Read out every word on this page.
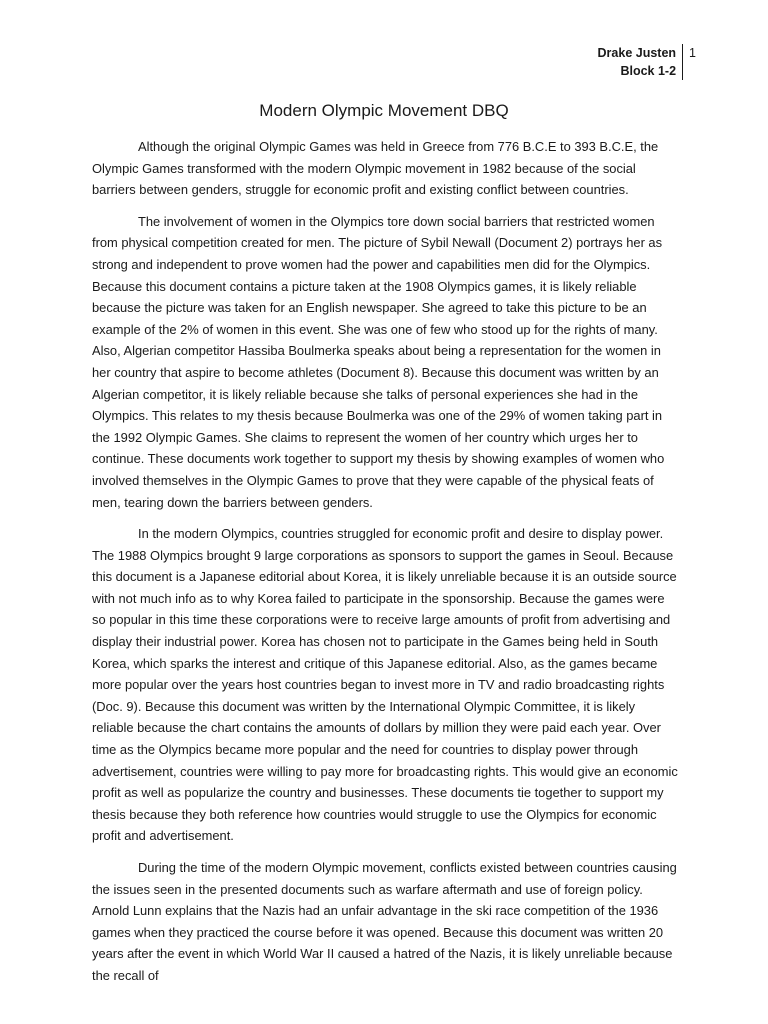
Drake Justen
Block 1-2
1
Modern Olympic Movement DBQ

Although the original Olympic Games was held in Greece from 776 B.C.E to 393 B.C.E, the Olympic Games transformed with the modern Olympic movement in 1982 because of the social barriers between genders, struggle for economic profit and existing conflict between countries.

The involvement of women in the Olympics tore down social barriers that restricted women from physical competition created for men. The picture of Sybil Newall (Document 2) portrays her as strong and independent to prove women had the power and capabilities men did for the Olympics. Because this document contains a picture taken at the 1908 Olympics games, it is likely reliable because the picture was taken for an English newspaper. She agreed to take this picture to be an example of the 2% of women in this event. She was one of few who stood up for the rights of many. Also, Algerian competitor Hassiba Boulmerka speaks about being a representation for the women in her country that aspire to become athletes (Document 8). Because this document was written by an Algerian competitor, it is likely reliable because she talks of personal experiences she had in the Olympics. This relates to my thesis because Boulmerka was one of the 29% of women taking part in the 1992 Olympic Games. She claims to represent the women of her country which urges her to continue. These documents work together to support my thesis by showing examples of women who involved themselves in the Olympic Games to prove that they were capable of the physical feats of men, tearing down the barriers between genders.

In the modern Olympics, countries struggled for economic profit and desire to display power. The 1988 Olympics brought 9 large corporations as sponsors to support the games in Seoul. Because this document is a Japanese editorial about Korea, it is likely unreliable because it is an outside source with not much info as to why Korea failed to participate in the sponsorship. Because the games were so popular in this time these corporations were to receive large amounts of profit from advertising and display their industrial power. Korea has chosen not to participate in the Games being held in South Korea, which sparks the interest and critique of this Japanese editorial. Also, as the games became more popular over the years host countries began to invest more in TV and radio broadcasting rights (Doc. 9). Because this document was written by the International Olympic Committee, it is likely reliable because the chart contains the amounts of dollars by million they were paid each year. Over time as the Olympics became more popular and the need for countries to display power through advertisement, countries were willing to pay more for broadcasting rights. This would give an economic profit as well as popularize the country and businesses. These documents tie together to support my thesis because they both reference how countries would struggle to use the Olympics for economic profit and advertisement.

During the time of the modern Olympic movement, conflicts existed between countries causing the issues seen in the presented documents such as warfare aftermath and use of foreign policy. Arnold Lunn explains that the Nazis had an unfair advantage in the ski race competition of the 1936 games when they practiced the course before it was opened. Because this document was written 20 years after the event in which World War II caused a hatred of the Nazis, it is likely unreliable because the recall of
